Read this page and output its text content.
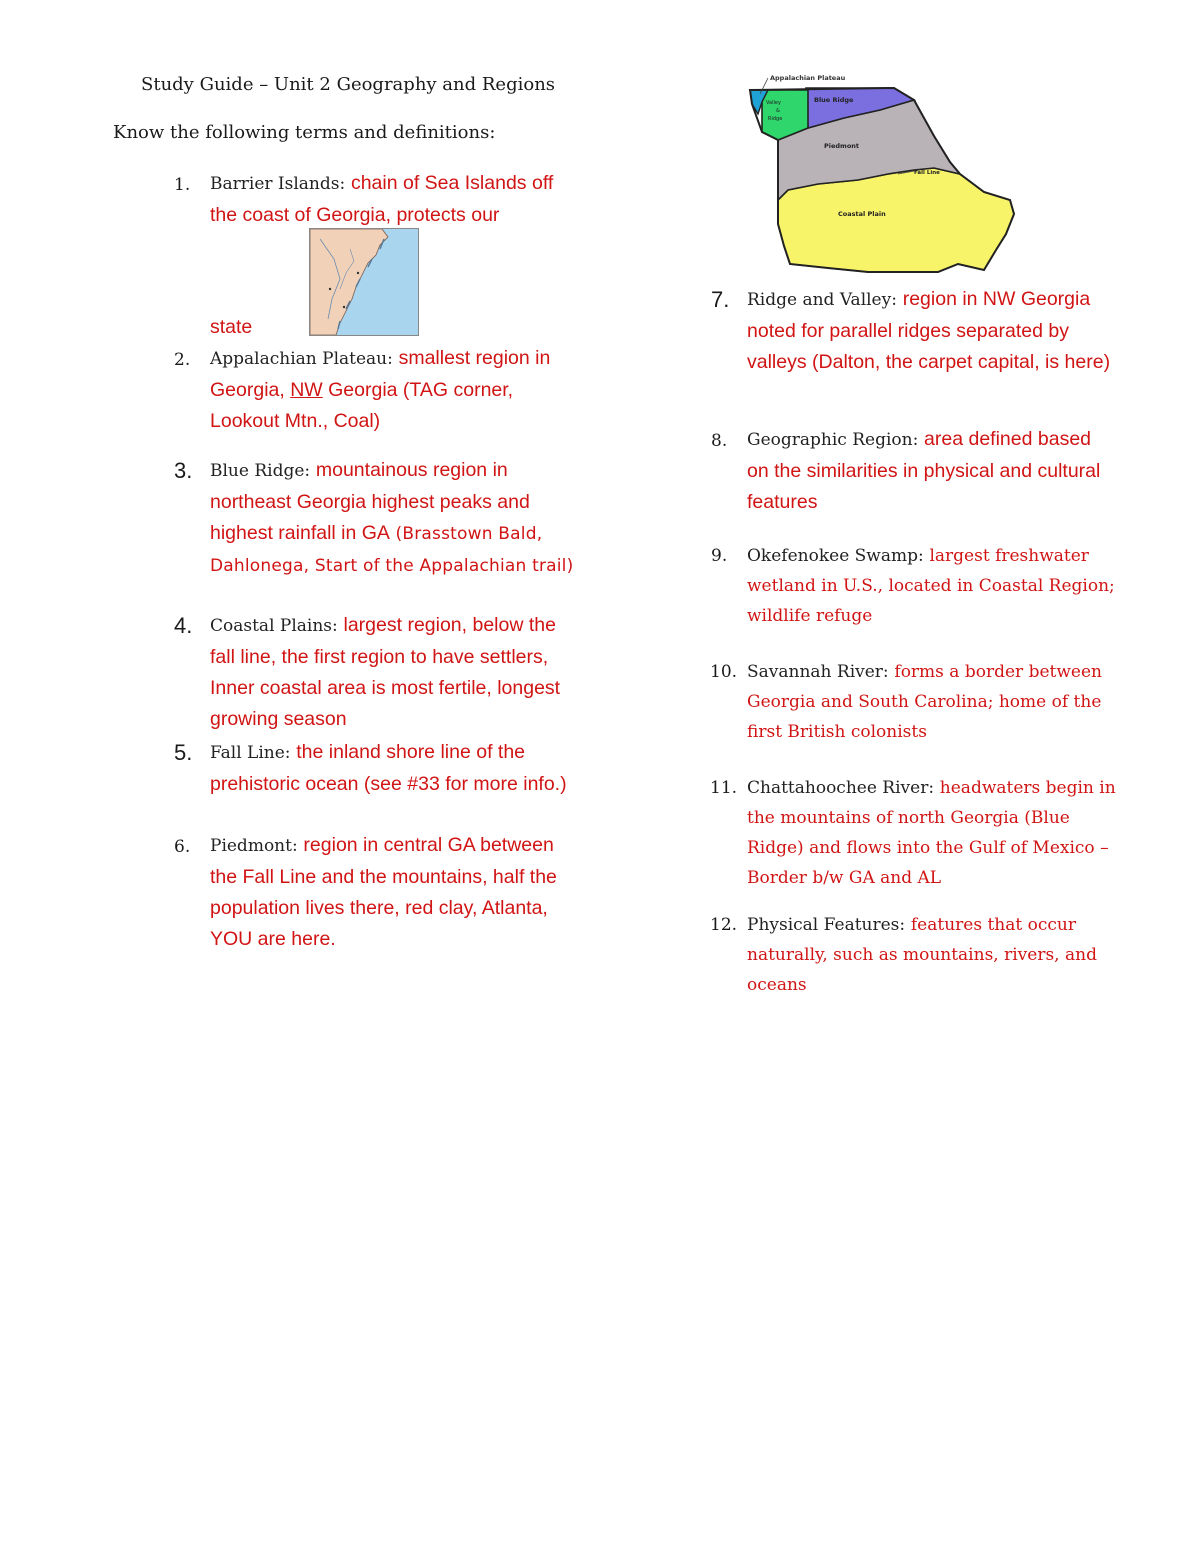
Study Guide – Unit 2 Geography and Regions
Know the following terms and definitions:
1. Barrier Islands: chain of Sea Islands off the coast of Georgia, protects our
state
2. Appalachian Plateau: smallest region in Georgia, NW Georgia (TAG corner, Lookout Mtn., Coal)
3. Blue Ridge: mountainous region in northeast Georgia highest peaks and highest rainfall in GA (Brasstown Bald, Dahlonega, Start of the Appalachian trail)
4. Coastal Plains: largest region, below the fall line, the first region to have settlers, Inner coastal area is most fertile, longest growing season
5. Fall Line: the inland shore line of the prehistoric ocean (see #33 for more info.)
6. Piedmont: region in central GA between the Fall Line and the mountains, half the population lives there, red clay, Atlanta, YOU are here.
Appalachian Plateau
Blue Ridge
Valley
&
Ridge
Piedmont
Fall Line
Coastal Plain
7. Ridge and Valley: region in NW Georgia noted for parallel ridges separated by valleys (Dalton, the carpet capital, is here)
8. Geographic Region: area defined based on the similarities in physical and cultural features
9. Okefenokee Swamp: largest freshwater wetland in U.S., located in Coastal Region; wildlife refuge
10. Savannah River: forms a border between Georgia and South Carolina; home of the first British colonists
11. Chattahoochee River: headwaters begin in the mountains of north Georgia (Blue Ridge) and flows into the Gulf of Mexico – Border b/w GA and AL
12. Physical Features: features that occur naturally, such as mountains, rivers, and oceans
